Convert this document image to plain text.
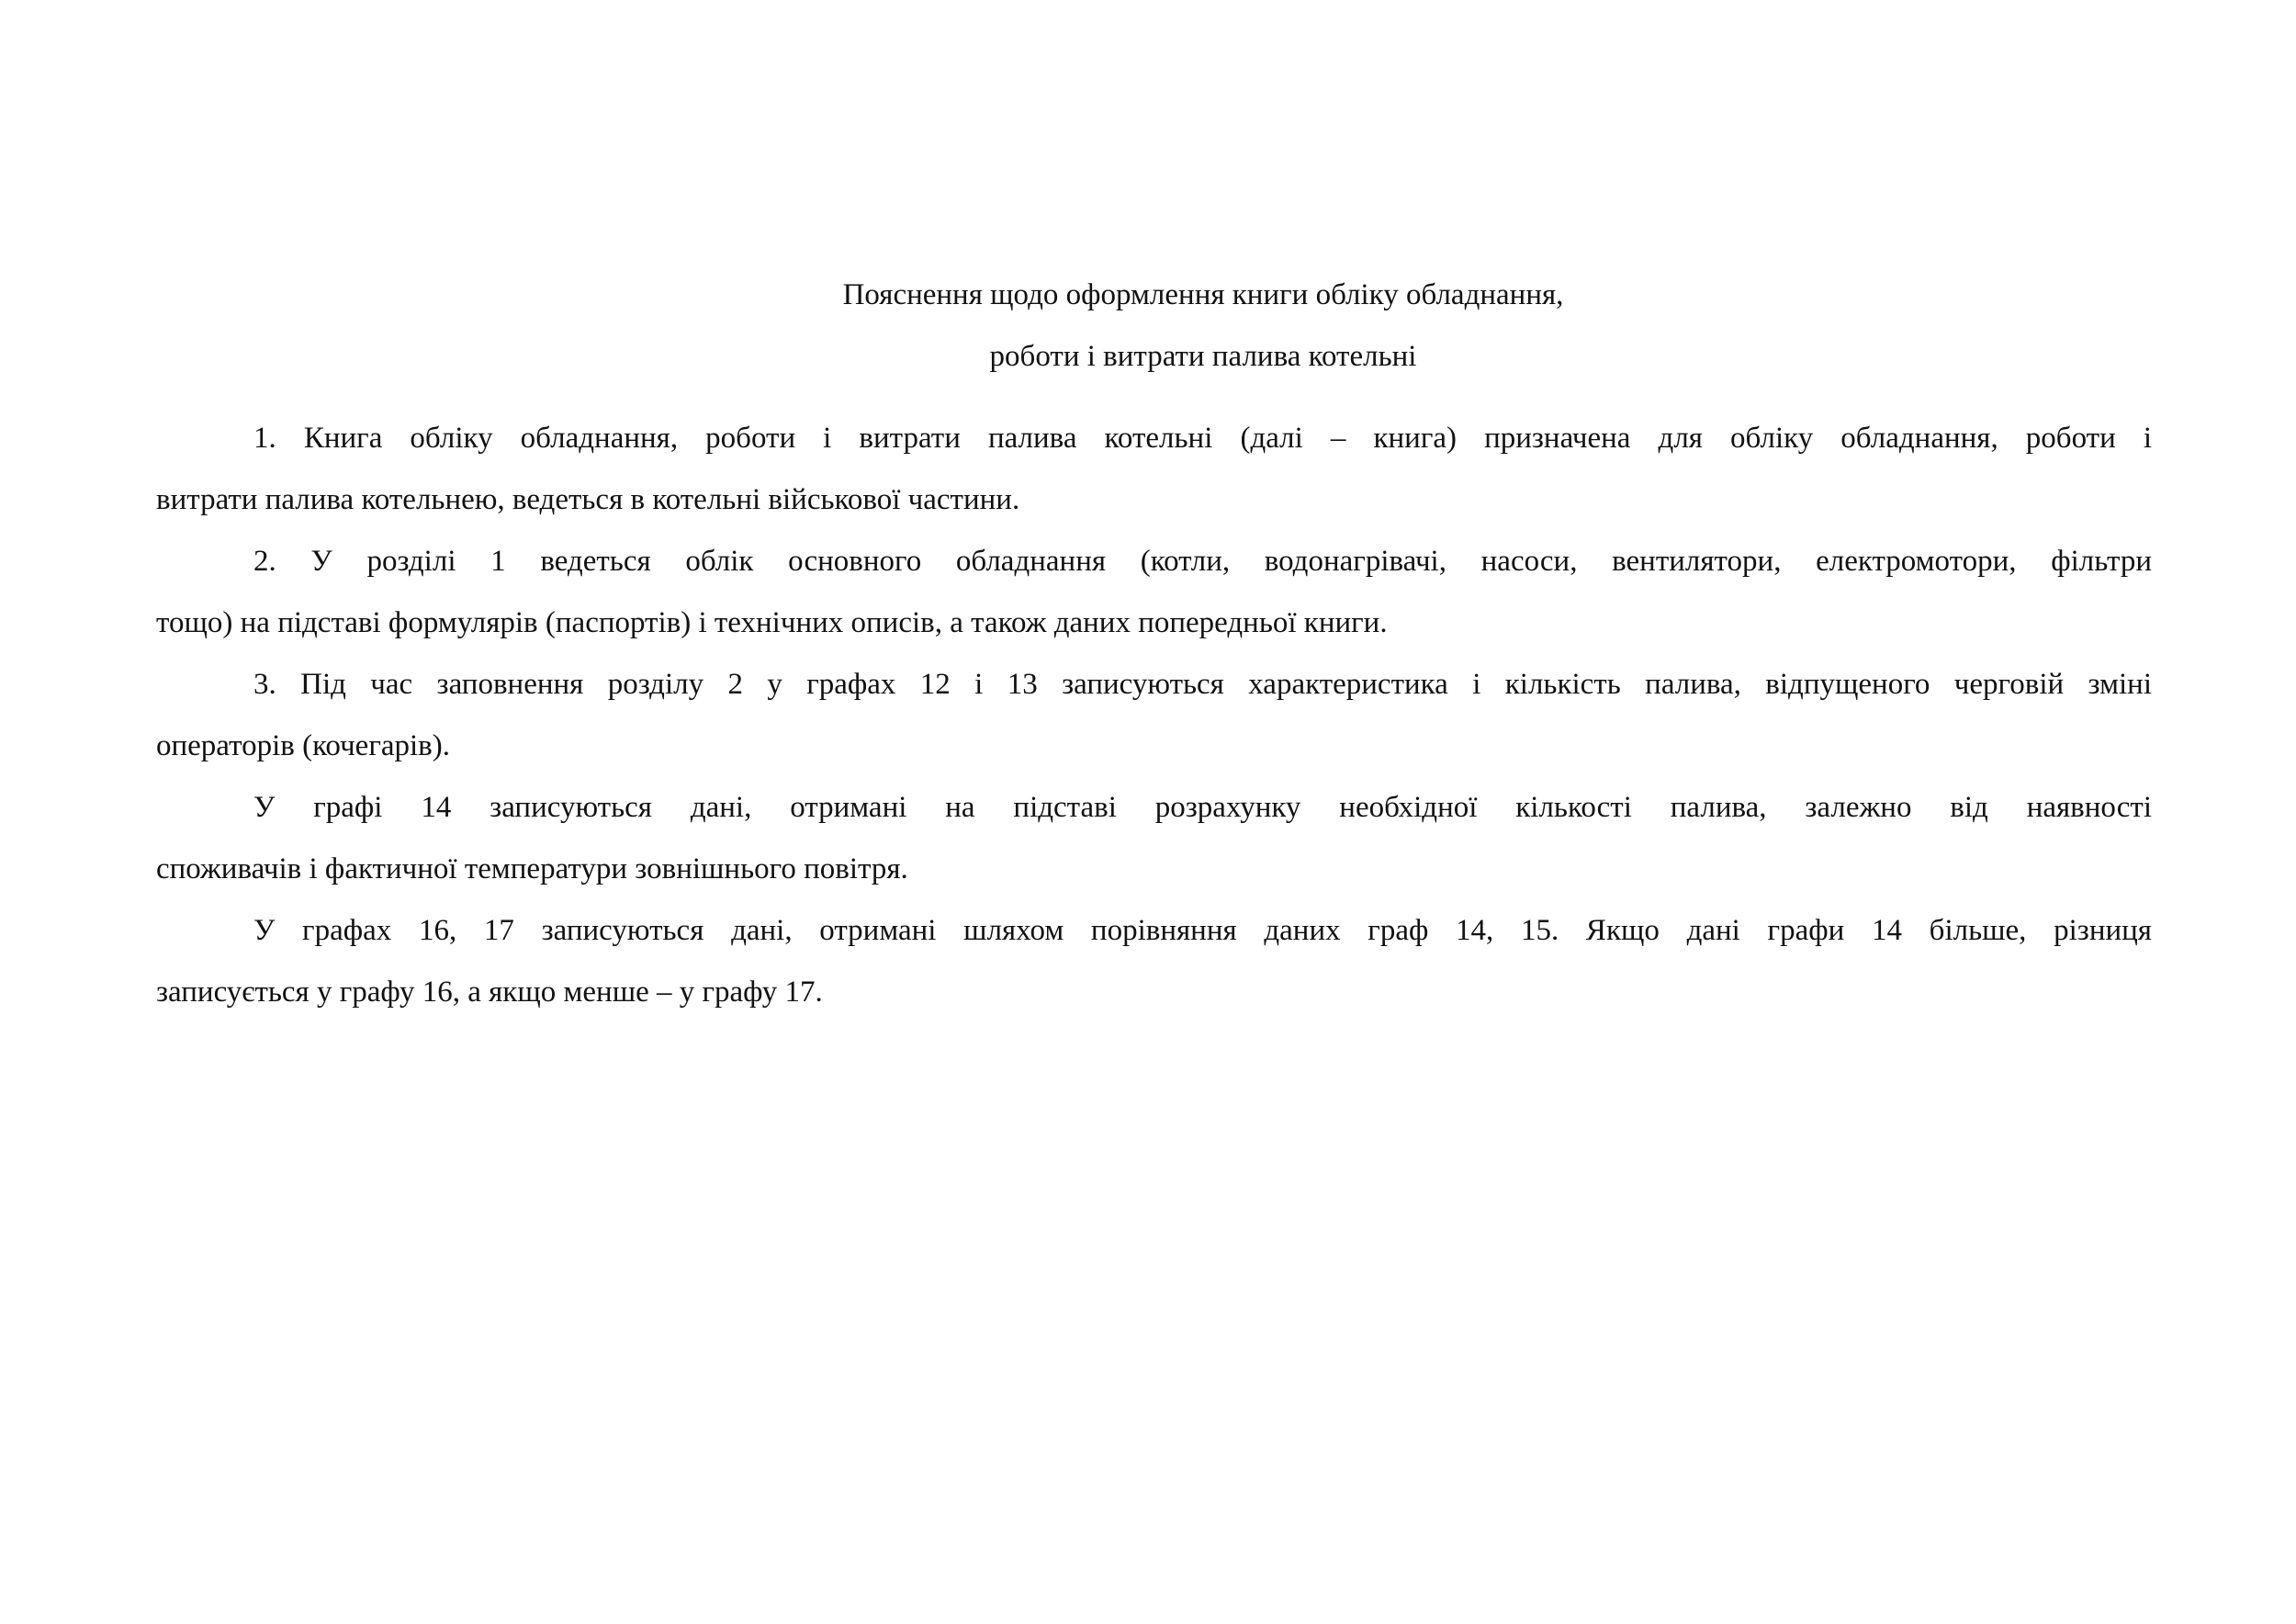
Пояснення щодо оформлення книги обліку обладнання,
роботи і витрати палива котельні
1. Книга обліку обладнання, роботи і витрати палива котельні (далі – книга) призначена для обліку обладнання, роботи і
витрати палива котельнею, ведеться в котельні військової частини.
2. У розділі 1 ведеться облік основного обладнання (котли, водонагрівачі, насоси, вентилятори, електромотори, фільтри
тощо) на підставі формулярів (паспортів) і технічних описів, а також даних попередньої книги.
3. Під час заповнення розділу 2 у графах 12 і 13 записуються характеристика і кількість палива, відпущеного черговій зміні
операторів (кочегарів).
У графі 14 записуються дані, отримані на підставі розрахунку необхідної кількості палива, залежно від наявності
споживачів і фактичної температури зовнішнього повітря.
У графах 16, 17 записуються дані, отримані шляхом порівняння даних граф 14, 15. Якщо дані графи 14 більше, різниця
записується у графу 16, а якщо менше – у графу 17.
